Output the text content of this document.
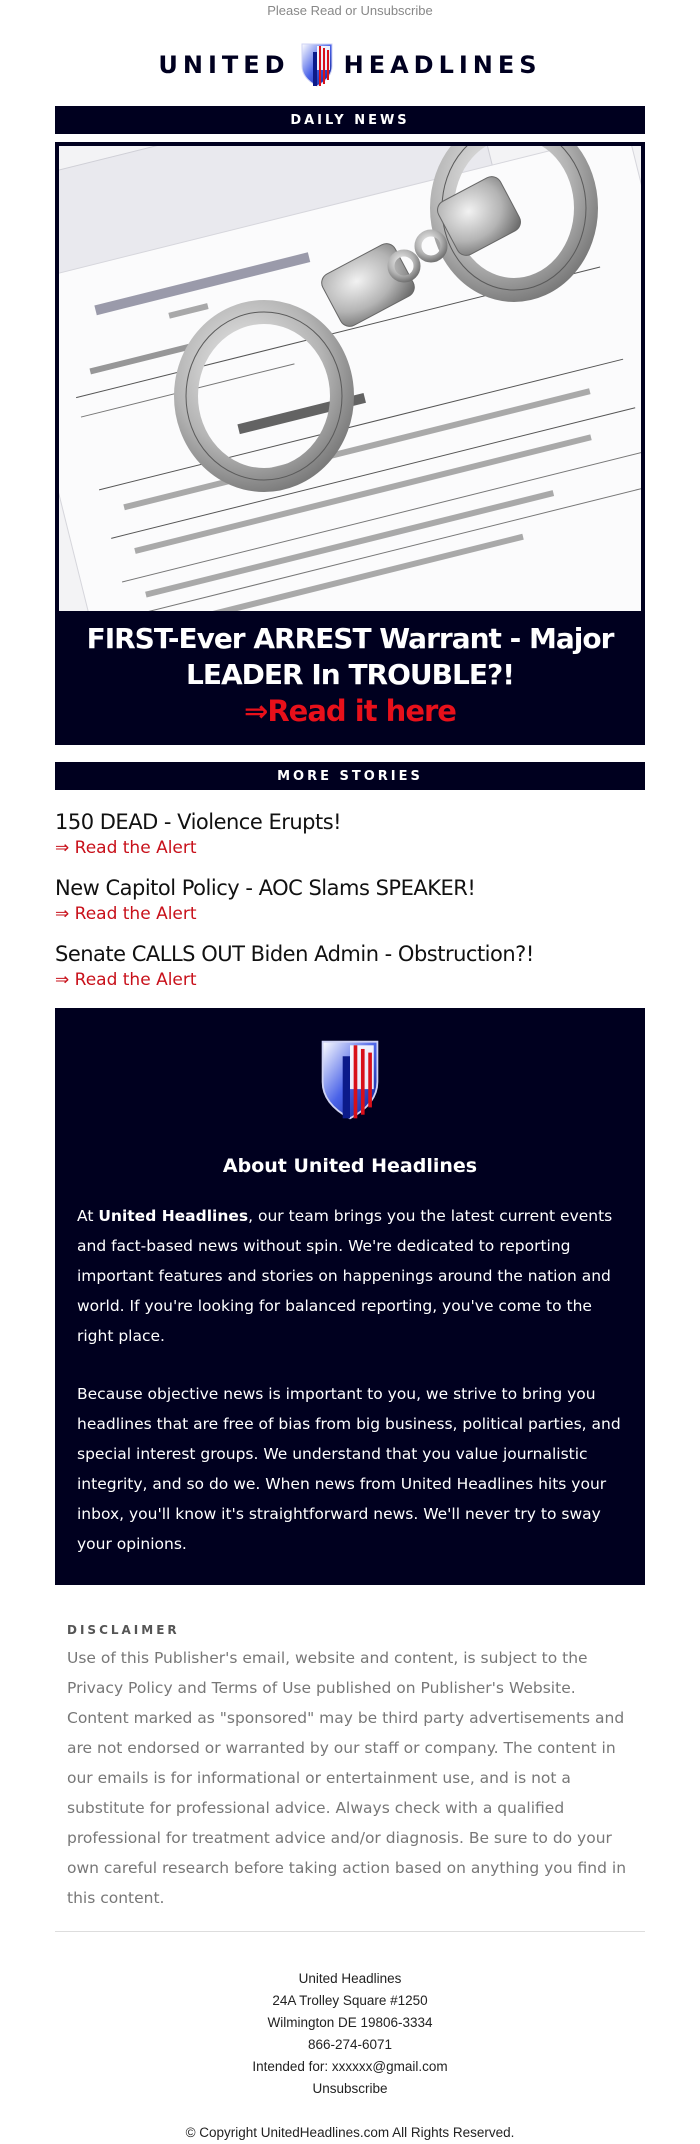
Please Read or Unsubscribe
UNITED HEADLINES
DAILY NEWS
FIRST-Ever ARREST Warrant - Major LEADER In TROUBLE?!
⇒Read it here
MORE STORIES
150 DEAD - Violence Erupts!
⇒ Read the Alert
New Capitol Policy - AOC Slams SPEAKER!
⇒ Read the Alert
Senate CALLS OUT Biden Admin - Obstruction?!
⇒ Read the Alert
About United Headlines

At United Headlines, our team brings you the latest current events and fact-based news without spin. We're dedicated to reporting important features and stories on happenings around the nation and world. If you're looking for balanced reporting, you've come to the right place.

Because objective news is important to you, we strive to bring you headlines that are free of bias from big business, political parties, and special interest groups. We understand that you value journalistic integrity, and so do we. When news from United Headlines hits your inbox, you'll know it's straightforward news. We'll never try to sway your opinions.

DISCLAIMER
Use of this Publisher's email, website and content, is subject to the Privacy Policy and Terms of Use published on Publisher's Website. Content marked as "sponsored" may be third party advertisements and are not endorsed or warranted by our staff or company. The content in our emails is for informational or entertainment use, and is not a substitute for professional advice. Always check with a qualified professional for treatment advice and/or diagnosis. Be sure to do your own careful research before taking action based on anything you find in this content.
United Headlines
24A Trolley Square #1250
Wilmington DE 19806-3334
866-274-6071
Intended for: xxxxxx@gmail.com
Unsubscribe
© Copyright UnitedHeadlines.com All Rights Reserved.
